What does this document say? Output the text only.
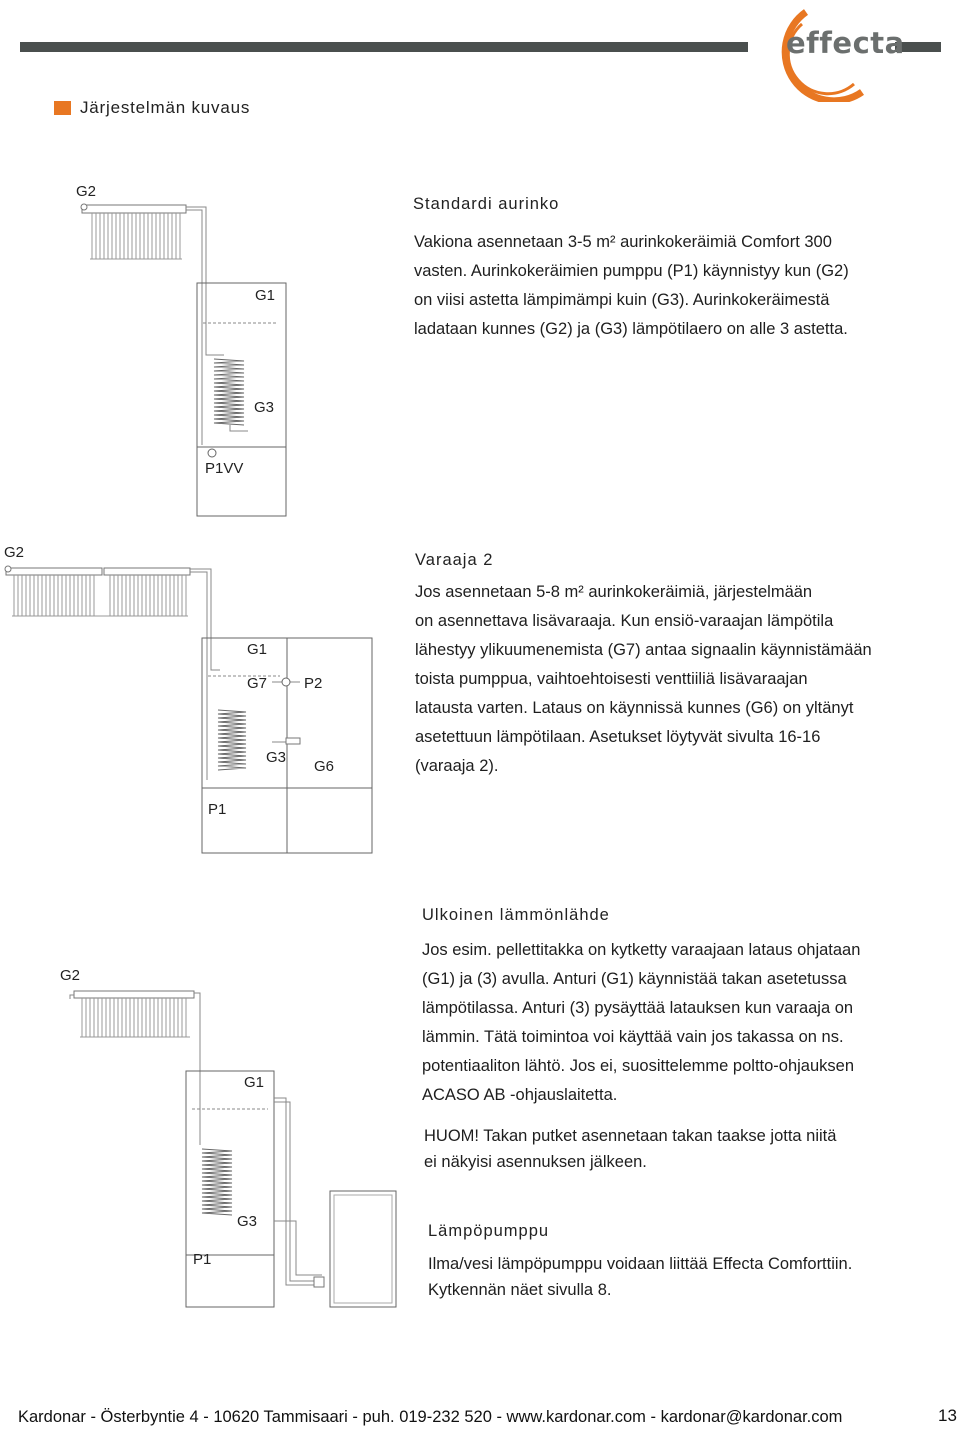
effecta
Järjestelmän kuvaus
G2
G1
G3
P1VV
Standardi aurinko

Vakiona asennetaan 3-5 m² aurinkokeräimiä Comfort 300
vasten. Aurinkokeräimien pumppu (P1) käynnistyy kun (G2)
on viisi astetta lämpimämpi kuin (G3). Aurinkokeräimestä
ladataan kunnes (G2) ja (G3) lämpötilaero on alle 3 astetta.

G2
G1
G7 P2
G3
G6
P1
Varaaja 2

Jos asennetaan 5-8 m² aurinkokeräimiä, järjestelmään
on asennettava lisävaraaja. Kun ensiö-varaajan lämpötila
lähestyy ylikuumenemista (G7) antaa signaalin käynnistämään
toista pumppua, vaihtoehtoisesti venttiiliä lisävaraajan
latausta varten. Lataus on käynnissä kunnes (G6) on yltänyt
asetettuun lämpötilaan. Asetukset löytyvät sivulta 16-16
(varaaja 2).

G2
G1
G3
P1
Ulkoinen lämmönlähde

Jos esim. pellettitakka on kytketty varaajaan lataus ohjataan
(G1) ja (3) avulla. Anturi (G1) käynnistää takan asetetussa
lämpötilassa. Anturi (3) pysäyttää latauksen kun varaaja on
lämmin. Tätä toimintoa voi käyttää vain jos takassa on ns.
potentiaaliton lähtö. Jos ei, suosittelemme poltto-ohjauksen
ACASO AB -ohjauslaitetta.

HUOM! Takan putket asennetaan takan taakse jotta niitä
ei näkyisi asennuksen jälkeen.

Lämpöpumppu

Ilma/vesi lämpöpumppu voidaan liittää Effecta Comforttiin.
Kytkennän näet sivulla 8.

Kardonar - Österbyntie 4 - 10620 Tammisaari - puh. 019-232 520 - www.kardonar.com - kardonar@kardonar.com	13
